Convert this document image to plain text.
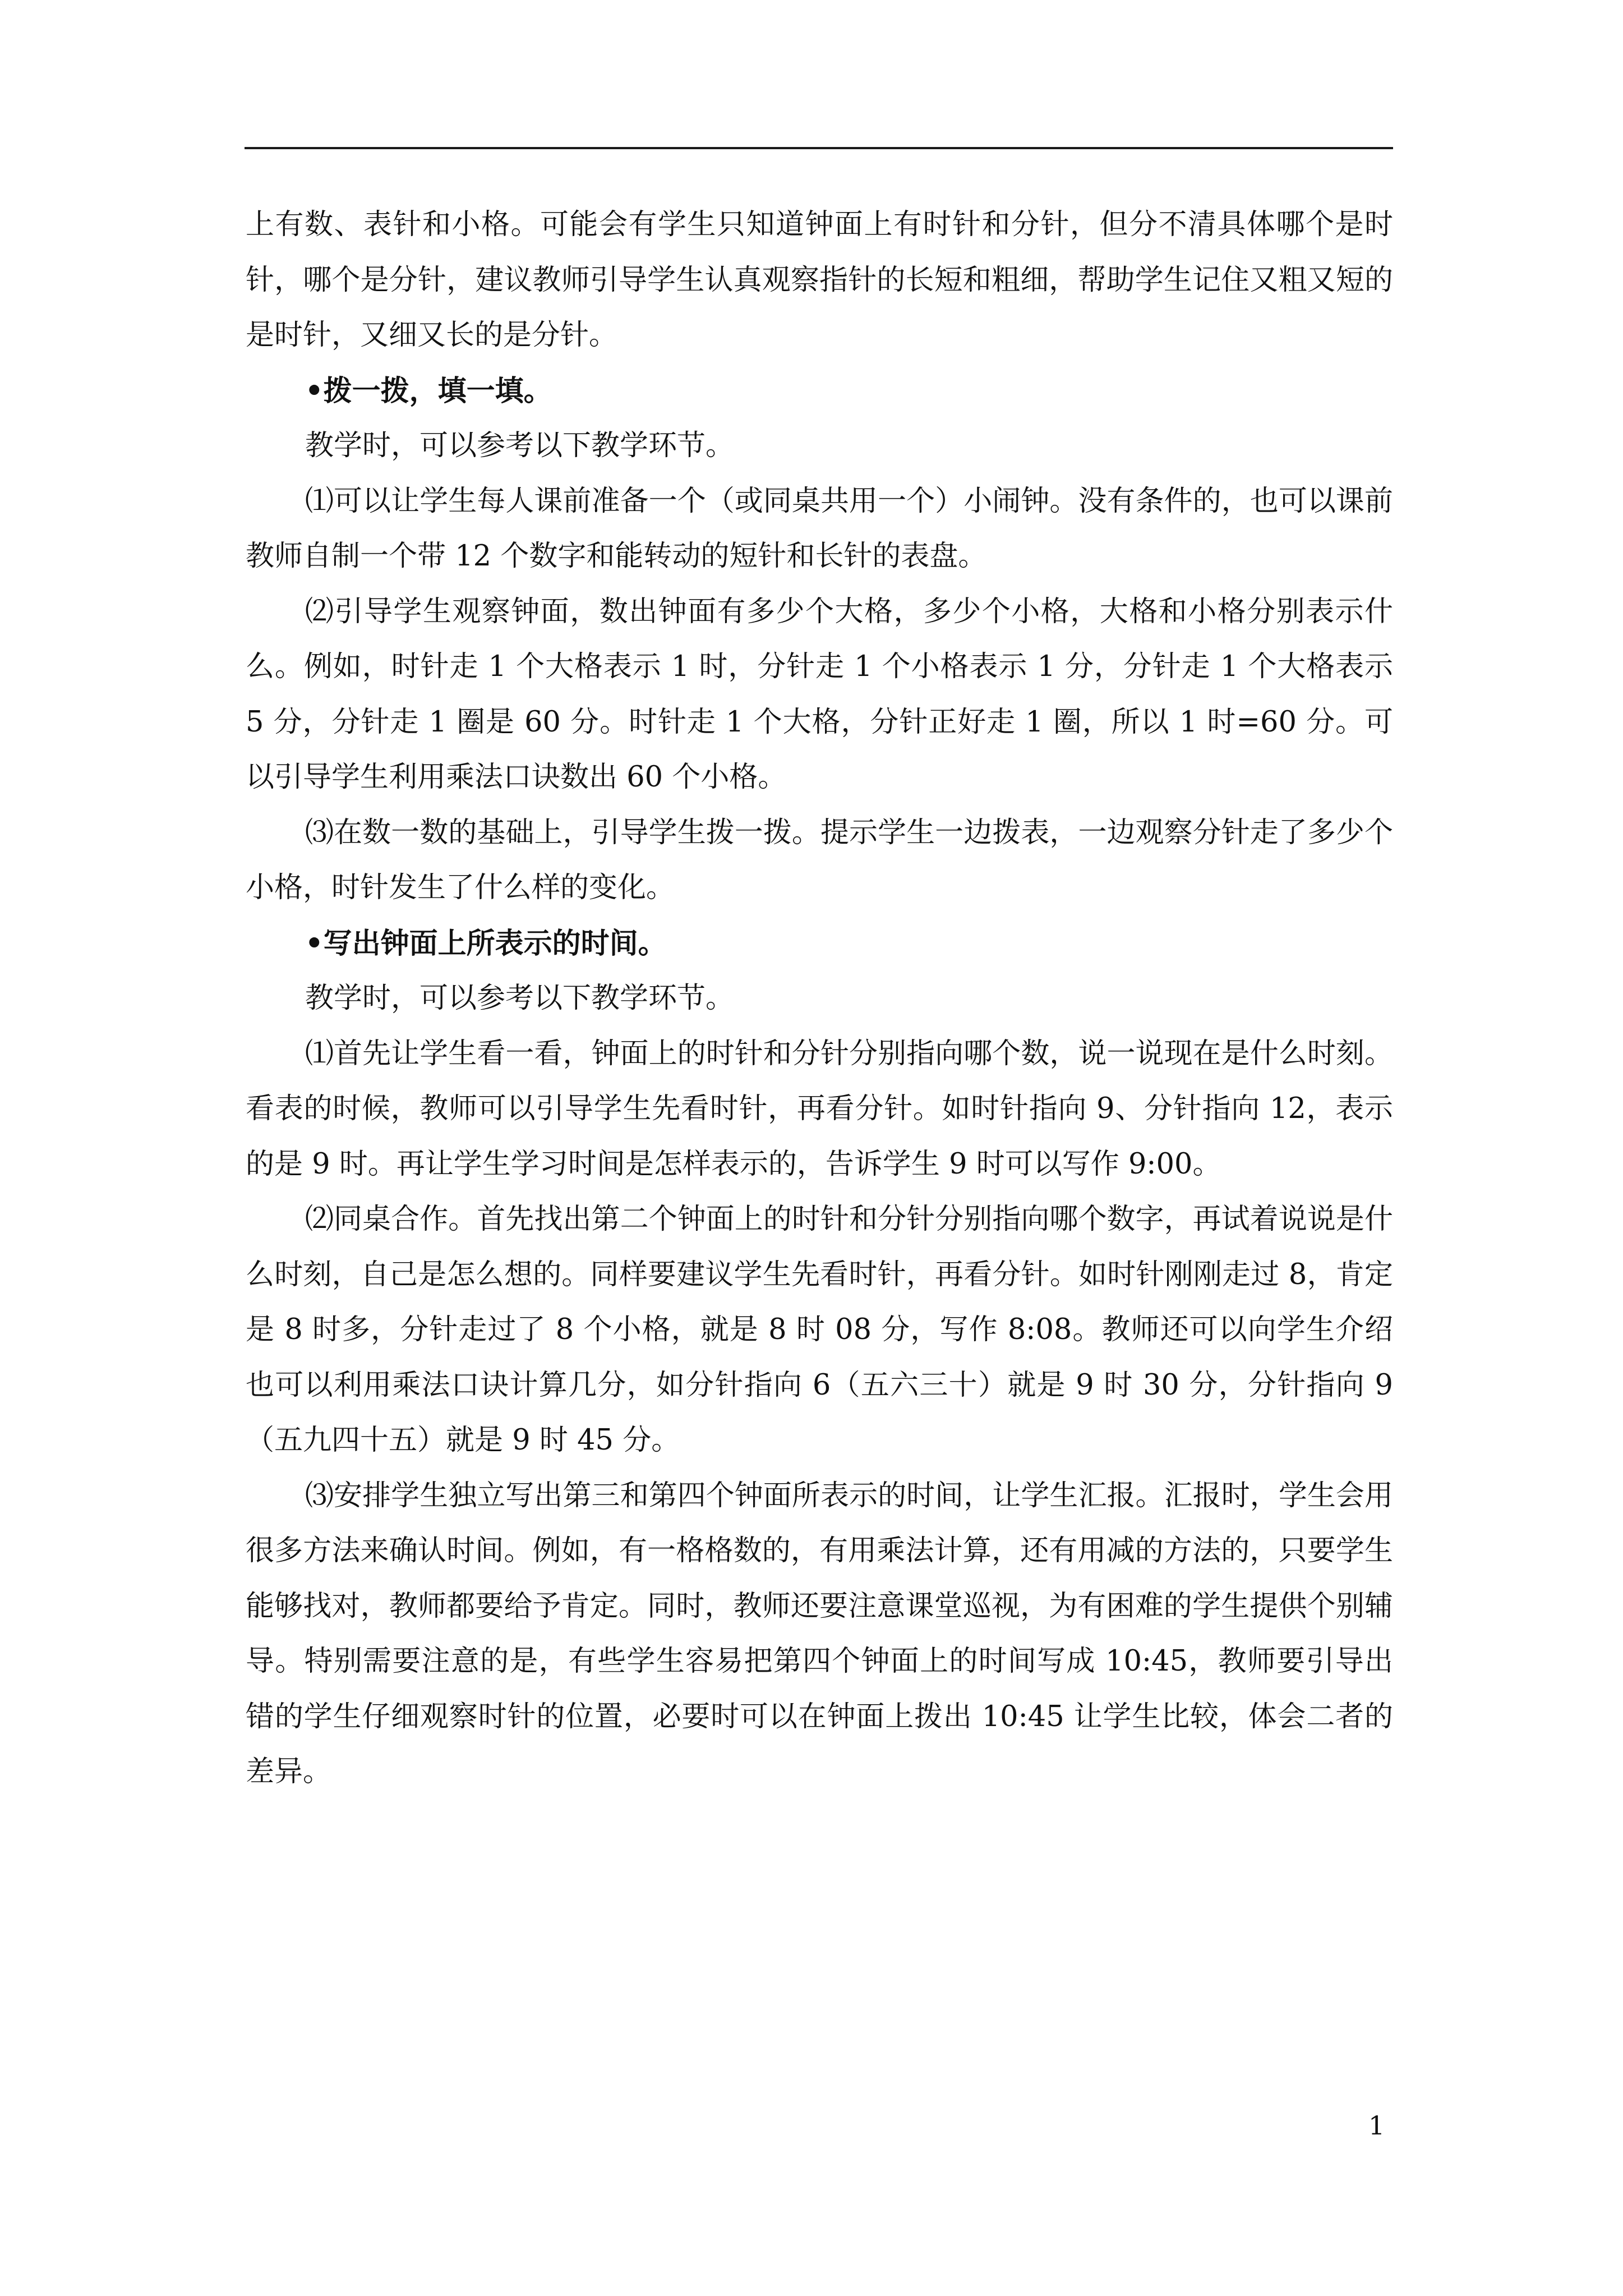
上有数、表针和小格。可能会有学生只知道钟面上有时针和分针，但分不清具体哪个是时针，哪个是分针，建议教师引导学生认真观察指针的长短和粗细，帮助学生记住又粗又短的是时针，又细又长的是分针。

•拨一拨，填一填。

教学时，可以参考以下教学环节。

⑴可以让学生每人课前准备一个（或同桌共用一个）小闹钟。没有条件的，也可以课前教师自制一个带 12 个数字和能转动的短针和长针的表盘。

⑵引导学生观察钟面，数出钟面有多少个大格，多少个小格，大格和小格分别表示什么。例如，时针走 1 个大格表示 1 时，分针走 1 个小格表示 1 分，分针走 1 个大格表示 5 分，分针走 1 圈是 60 分。时针走 1 个大格，分针正好走 1 圈，所以 1 时=60 分。可以引导学生利用乘法口诀数出 60 个小格。

⑶在数一数的基础上，引导学生拨一拨。提示学生一边拨表，一边观察分针走了多少个小格，时针发生了什么样的变化。

•写出钟面上所表示的时间。

教学时，可以参考以下教学环节。

⑴首先让学生看一看，钟面上的时针和分针分别指向哪个数，说一说现在是什么时刻。看表的时候，教师可以引导学生先看时针，再看分针。如时针指向 9、分针指向 12，表示的是 9 时。再让学生学习时间是怎样表示的，告诉学生 9 时可以写作 9:00。

⑵同桌合作。首先找出第二个钟面上的时针和分针分别指向哪个数字，再试着说说是什么时刻，自己是怎么想的。同样要建议学生先看时针，再看分针。如时针刚刚走过 8，肯定是 8 时多，分针走过了 8 个小格，就是 8 时 08 分，写作 8:08。教师还可以向学生介绍也可以利用乘法口诀计算几分，如分针指向 6（五六三十）就是 9 时 30 分，分针指向 9（五九四十五）就是 9 时 45 分。

⑶安排学生独立写出第三和第四个钟面所表示的时间，让学生汇报。汇报时，学生会用很多方法来确认时间。例如，有一格格数的，有用乘法计算，还有用减的方法的，只要学生能够找对，教师都要给予肯定。同时，教师还要注意课堂巡视，为有困难的学生提供个别辅导。特别需要注意的是，有些学生容易把第四个钟面上的时间写成 10:45，教师要引导出错的学生仔细观察时针的位置，必要时可以在钟面上拨出 10:45 让学生比较，体会二者的差异。

1
